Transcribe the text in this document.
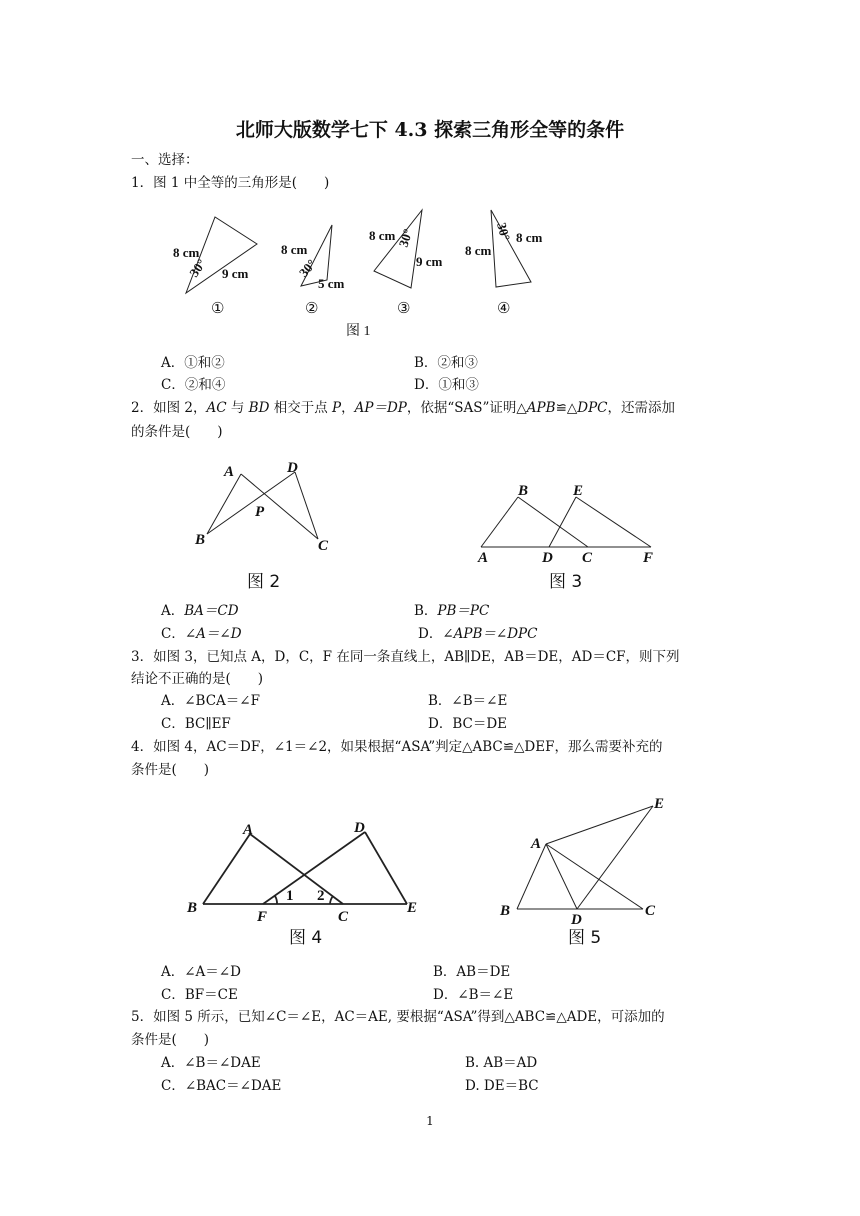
北师大版数学七下 4.3 探索三角形全等的条件
一、选择：
1．图 1 中全等的三角形是(　　)
8 cm
30° 9 cm
①
8 cm
30°
5 cm
②
8 cm 30°
9 cm
③
8 cm
30° 8 cm
④
图 1
A．①和②	B．②和③
C．②和④	D．①和③
2．如图 2，AC 与 BD 相交于点 P，AP＝DP，依据“SAS”证明△APB≌△DPC，还需添加
的条件是(　　)
A	D
P
B	C
图 2
B	E
A	D C	F
图 3
A．BA＝CD	B．PB＝PC
C．∠A＝∠D	D．∠APB＝∠DPC
3．如图 3，已知点 A，D，C，F 在同一条直线上，AB∥DE，AB＝DE，AD＝CF，则下列
结论不正确的是(　　)
A．∠BCA＝∠F	B．∠B＝∠E
C．BC∥EF	D．BC＝DE
4．如图 4，AC＝DF，∠1＝∠2，如果根据“ASA”判定△ABC≌△DEF，那么需要补充的
条件是(　　)
A	D
B
F	C
E
1 2
图 4
E
A
B
D
C
图 5
A．∠A＝∠D	B．AB＝DE
C．BF＝CE	D．∠B＝∠E
5．如图 5 所示，已知∠C＝∠E，AC＝AE, 要根据“ASA”得到△ABC≌△ADE，可添加的
条件是(　　)
A．∠B＝∠DAE	B. AB＝AD
C．∠BAC＝∠DAE	D. DE＝BC
1
